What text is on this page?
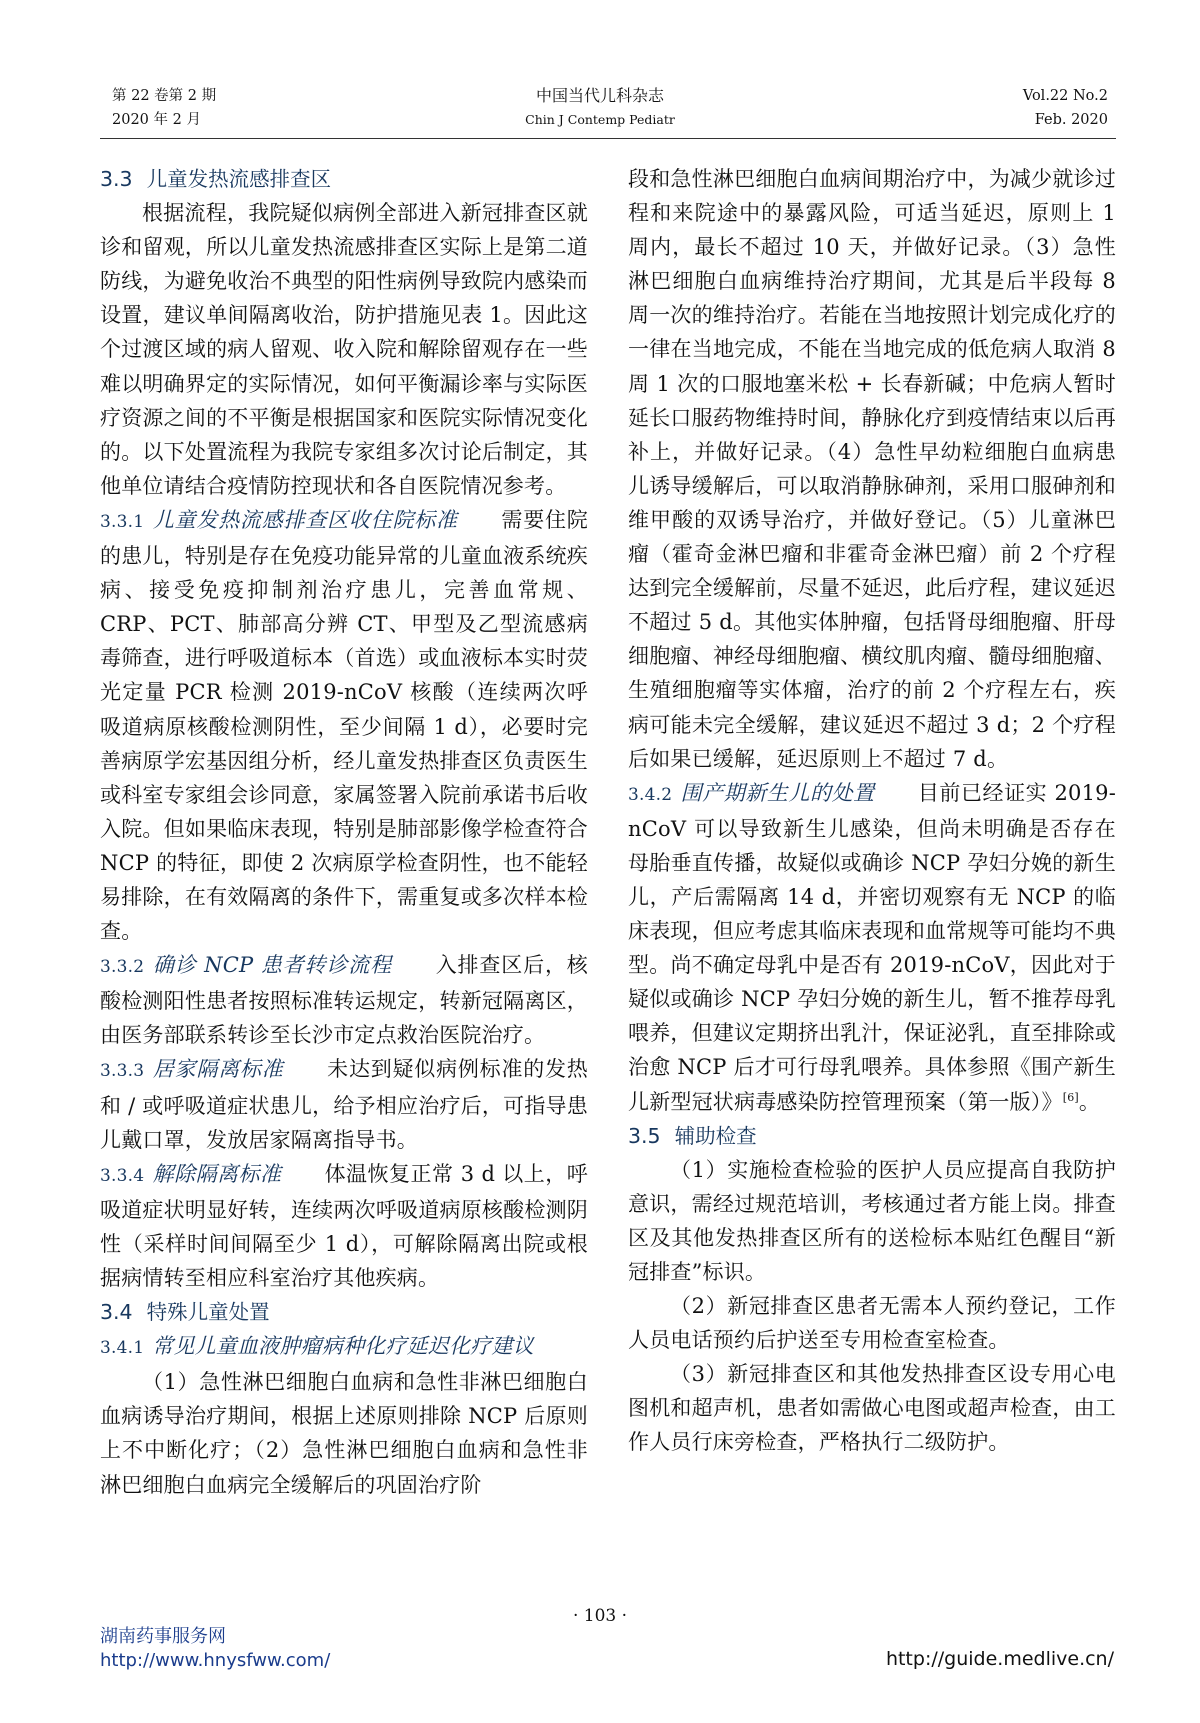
第 22 卷第 2 期
2020 年 2 月
中国当代儿科杂志
Chin J Contemp Pediatr
Vol.22 No.2
Feb. 2020

3.3 儿童发热流感排查区

根据流程，我院疑似病例全部进入新冠排查区就诊和留观，所以儿童发热流感排查区实际上是第二道防线，为避免收治不典型的阳性病例导致院内感染而设置，建议单间隔离收治，防护措施见表 1。因此这个过渡区域的病人留观、收入院和解除留观存在一些难以明确界定的实际情况，如何平衡漏诊率与实际医疗资源之间的不平衡是根据国家和医院实际情况变化的。以下处置流程为我院专家组多次讨论后制定，其他单位请结合疫情防控现状和各自医院情况参考。

3.3.1 儿童发热流感排查区收住院标准　　 需要住院的患儿，特别是存在免疫功能异常的儿童血液系统疾病、接受免疫抑制剂治疗患儿，完善血常规、CRP、PCT、肺部高分辨 CT、甲型及乙型流感病毒筛查，进行呼吸道标本（首选）或血液标本实时荧光定量 PCR 检测 2019-nCoV 核酸（连续两次呼吸道病原核酸检测阴性，至少间隔 1 d），必要时完善病原学宏基因组分析，经儿童发热排查区负责医生或科室专家组会诊同意，家属签署入院前承诺书后收入院。但如果临床表现，特别是肺部影像学检查符合 NCP 的特征，即使 2 次病原学检查阴性，也不能轻易排除，在有效隔离的条件下，需重复或多次样本检查。

3.3.2 确诊 NCP 患者转诊流程　　 入排查区后，核酸检测阳性患者按照标准转运规定，转新冠隔离区，由医务部联系转诊至长沙市定点救治医院治疗。

3.3.3 居家隔离标准　　 未达到疑似病例标准的发热和 / 或呼吸道症状患儿，给予相应治疗后，可指导患儿戴口罩，发放居家隔离指导书。

3.3.4 解除隔离标准　　 体温恢复正常 3 d 以上，呼吸道症状明显好转，连续两次呼吸道病原核酸检测阴性（采样时间间隔至少 1 d），可解除隔离出院或根据病情转至相应科室治疗其他疾病。

3.4 特殊儿童处置

3.4.1 常见儿童血液肿瘤病种化疗延迟化疗建议

（1）急性淋巴细胞白血病和急性非淋巴细胞白血病诱导治疗期间，根据上述原则排除 NCP 后原则上不中断化疗；（2）急性淋巴细胞白血病和急性非淋巴细胞白血病完全缓解后的巩固治疗阶

段和急性淋巴细胞白血病间期治疗中，为减少就诊过程和来院途中的暴露风险，可适当延迟，原则上 1 周内，最长不超过 10 天，并做好记录。（3）急性淋巴细胞白血病维持治疗期间，尤其是后半段每 8 周一次的维持治疗。若能在当地按照计划完成化疗的一律在当地完成，不能在当地完成的低危病人取消 8 周 1 次的口服地塞米松 + 长春新碱；中危病人暂时延长口服药物维持时间，静脉化疗到疫情结束以后再补上，并做好记录。（4）急性早幼粒细胞白血病患儿诱导缓解后，可以取消静脉砷剂，采用口服砷剂和维甲酸的双诱导治疗，并做好登记。（5）儿童淋巴瘤（霍奇金淋巴瘤和非霍奇金淋巴瘤）前 2 个疗程达到完全缓解前，尽量不延迟，此后疗程，建议延迟不超过 5 d。其他实体肿瘤，包括肾母细胞瘤、肝母细胞瘤、神经母细胞瘤、横纹肌肉瘤、髓母细胞瘤、生殖细胞瘤等实体瘤，治疗的前 2 个疗程左右，疾病可能未完全缓解，建议延迟不超过 3 d；2 个疗程后如果已缓解，延迟原则上不超过 7 d。

3.4.2 围产期新生儿的处置　　 目前已经证实 2019-nCoV 可以导致新生儿感染，但尚未明确是否存在母胎垂直传播，故疑似或确诊 NCP 孕妇分娩的新生儿，产后需隔离 14 d，并密切观察有无 NCP 的临床表现，但应考虑其临床表现和血常规等可能均不典型。尚不确定母乳中是否有 2019-nCoV，因此对于疑似或确诊 NCP 孕妇分娩的新生儿，暂不推荐母乳喂养，但建议定期挤出乳汁，保证泌乳，直至排除或治愈 NCP 后才可行母乳喂养。具体参照《围产新生儿新型冠状病毒感染防控管理预案（第一版）》[6]。

3.5 辅助检查

（1）实施检查检验的医护人员应提高自我防护意识，需经过规范培训，考核通过者方能上岗。排查区及其他发热排查区所有的送检标本贴红色醒目“新冠排查”标识。

（2）新冠排查区患者无需本人预约登记，工作人员电话预约后护送至专用检查室检查。

（3）新冠排查区和其他发热排查区设专用心电图机和超声机，患者如需做心电图或超声检查，由工作人员行床旁检查，严格执行二级防护。

· 103 ·
湖南药事服务网
http://www.hnysfww.com/	http://guide.medlive.cn/
